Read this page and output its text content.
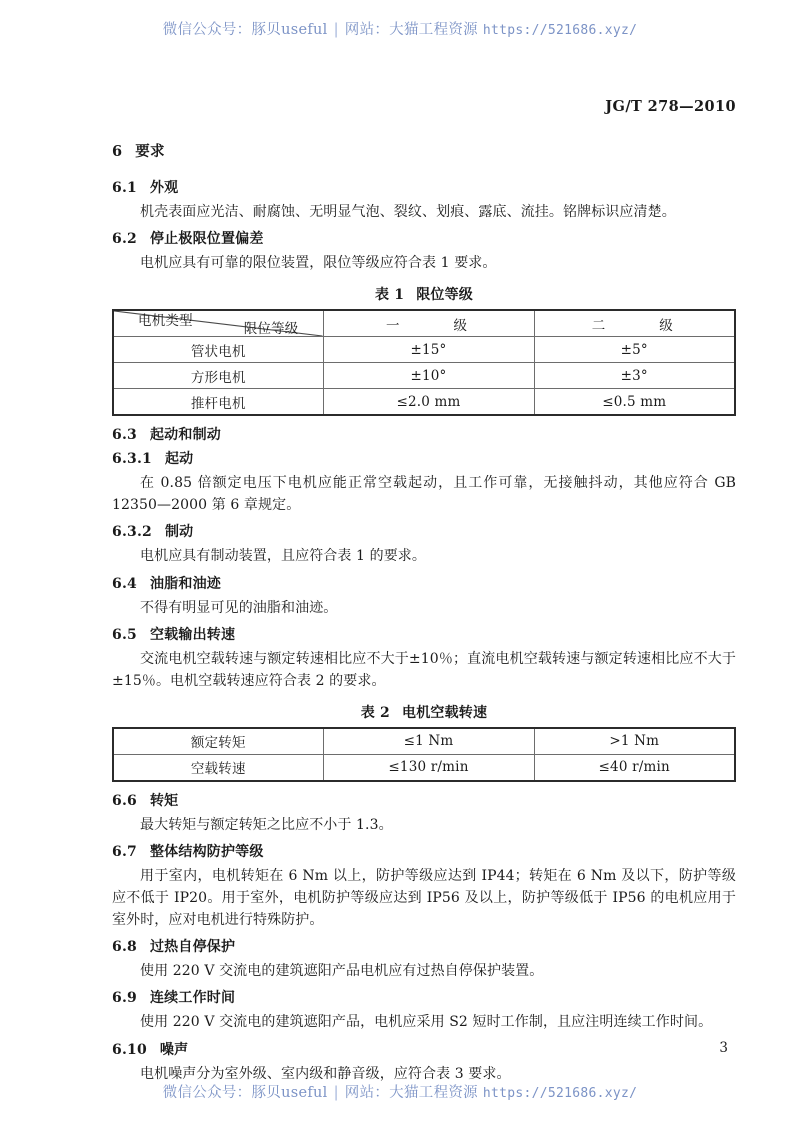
微信公众号：豚贝useful | 网站：大猫工程资源 https://521686.xyz/
JG/T 278—2010
6 要求
6.1 外观

机壳表面应光洁、耐腐蚀、无明显气泡、裂纹、划痕、露底、流挂。铭牌标识应清楚。

6.2 停止极限位置偏差

电机应具有可靠的限位装置，限位等级应符合表 1 要求。

表 1 限位等级
限位等级
电机类型	一　　级	二　　级
管状电机	±15°	±5°
方形电机	±10°	±3°
推杆电机	≤2.0 mm	≤0.5 mm
6.3 起动和制动
6.3.1 起动

在 0.85 倍额定电压下电机应能正常空载起动，且工作可靠，无接触抖动，其他应符合 GB 12350—2000 第 6 章规定。

6.3.2 制动

电机应具有制动装置，且应符合表 1 的要求。

6.4 油脂和油迹

不得有明显可见的油脂和油迹。

6.5 空载输出转速

交流电机空载转速与额定转速相比应不大于±10％；直流电机空载转速与额定转速相比应不大于±15％。电机空载转速应符合表 2 的要求。

表 2 电机空载转速
额定转矩	≤1 Nm	>1 Nm
空载转速	≤130 r/min	≤40 r/min
6.6 转矩

最大转矩与额定转矩之比应不小于 1.3。

6.7 整体结构防护等级

用于室内，电机转矩在 6 Nm 以上，防护等级应达到 IP44；转矩在 6 Nm 及以下，防护等级应不低于 IP20。用于室外，电机防护等级应达到 IP56 及以上，防护等级低于 IP56 的电机应用于室外时，应对电机进行特殊防护。

6.8 过热自停保护

使用 220 V 交流电的建筑遮阳产品电机应有过热自停保护装置。

6.9 连续工作时间

使用 220 V 交流电的建筑遮阳产品，电机应采用 S2 短时工作制，且应注明连续工作时间。

6.10 噪声

电机噪声分为室外级、室内级和静音级，应符合表 3 要求。

3
微信公众号：豚贝useful | 网站：大猫工程资源 https://521686.xyz/
